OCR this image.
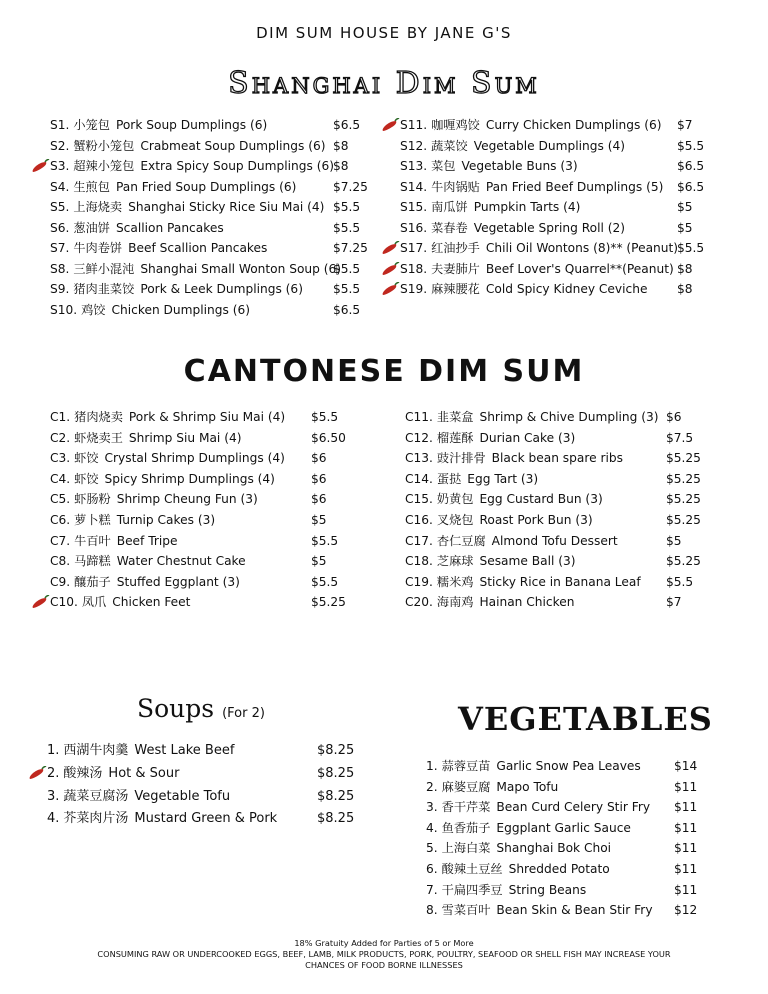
DIM SUM HOUSE BY JANE G'S
Shanghai Dim Sum
S1. 小笼包 Pork Soup Dumplings (6)	$6.5
S2. 蟹粉小笼包 Crabmeat Soup Dumplings (6) $8
S3. 超辣小笼包 Extra Spicy Soup Dumplings (6) $8
S4. 生煎包 Pan Fried Soup Dumplings (6)	$7.25
S5. 上海烧卖 Shanghai Sticky Rice Siu Mai (4) $5.5
S6. 葱油饼 Scallion Pancakes	$5.5
S7. 牛肉卷饼 Beef Scallion Pancakes	$7.25
S8. 三鲜小混沌 Shanghai Small Wonton Soup (6)
$5.5
S9. 猪肉韭菜饺 Pork & Leek Dumplings (6) $5.5
S10. 鸡饺 Chicken Dumplings (6)	$6.5
S11. 咖喱鸡饺 Curry Chicken Dumplings (6) $7
S12. 蔬菜饺 Vegetable Dumplings (4)	$5.5
S13. 菜包 Vegetable Buns (3)	$6.5
S14. 牛肉锅贴 Pan Fried Beef Dumplings (5) $6.5
S15. 南瓜饼 Pumpkin Tarts (4)	$5
S16. 菜春卷 Vegetable Spring Roll (2)	$5
S17. 红油抄手 Chili Oil Wontons (8)** (Peanut)
$5.5
S18. 夫妻肺片 Beef Lover's Quarrel**(Peanut) $8
S19. 麻辣腰花 Cold Spicy Kidney Ceviche $8
CANTONESE DIM SUM
C1. 猪肉烧卖 Pork & Shrimp Siu Mai (4) $5.5
C2. 虾烧卖王 Shrimp Siu Mai (4)	$6.50
C3. 虾饺 Crystal Shrimp Dumplings (4) $6
C4. 虾饺 Spicy Shrimp Dumplings (4)	$6
C5. 虾肠粉 Shrimp Cheung Fun (3)	$6
C6. 萝卜糕 Turnip Cakes (3)	$5
C7. 牛百叶 Beef Tripe	$5.5
C8. 马蹄糕 Water Chestnut Cake	$5
C9. 釀茄子 Stuffed Eggplant (3)	$5.5
C10. 凤爪 Chicken Feet	$5.25
C11. 韭菜盒 Shrimp & Chive Dumpling (3) $6
C12. 榴莲酥 Durian Cake (3)	$7.5
C13. 豉汁排骨 Black bean spare ribs	$5.25
C14. 蛋挞 Egg Tart (3)	$5.25
C15. 奶黄包 Egg Custard Bun (3)	$5.25
C16. 叉烧包 Roast Pork Bun (3)	$5.25
C17. 杏仁豆腐 Almond Tofu Dessert	$5
C18. 芝麻球 Sesame Ball (3)	$5.25
C19. 糯米鸡 Sticky Rice in Banana Leaf $5.5
C20. 海南鸡 Hainan Chicken	$7
Soups (For 2)
1. 西湖牛肉羹 West Lake Beef	$8.25
2. 酸辣汤 Hot & Sour	$8.25
3. 蔬菜豆腐汤 Vegetable Tofu	$8.25
4. 芥菜肉片汤 Mustard Green & Pork	$8.25
VEGETABLES
1. 蒜蓉豆苗 Garlic Snow Pea Leaves	$14
2. 麻婆豆腐 Mapo Tofu	$11
3. 香干芹菜 Bean Curd Celery Stir Fry $11
4. 鱼香茄子 Eggplant Garlic Sauce	$11
5. 上海白菜 Shanghai Bok Choi	$11
6. 酸辣土豆丝 Shredded Potato	$11
7. 干扁四季豆 String Beans	$11
8. 雪菜百叶 Bean Skin & Bean Stir Fry $12
18% Gratuity Added for Parties of 5 or More
CONSUMING RAW OR UNDERCOOKED EGGS, BEEF, LAMB, MILK PRODUCTS, PORK, POULTRY, SEAFOOD OR SHELL FISH MAY INCREASE YOUR
CHANCES OF FOOD BORNE ILLNESSES
